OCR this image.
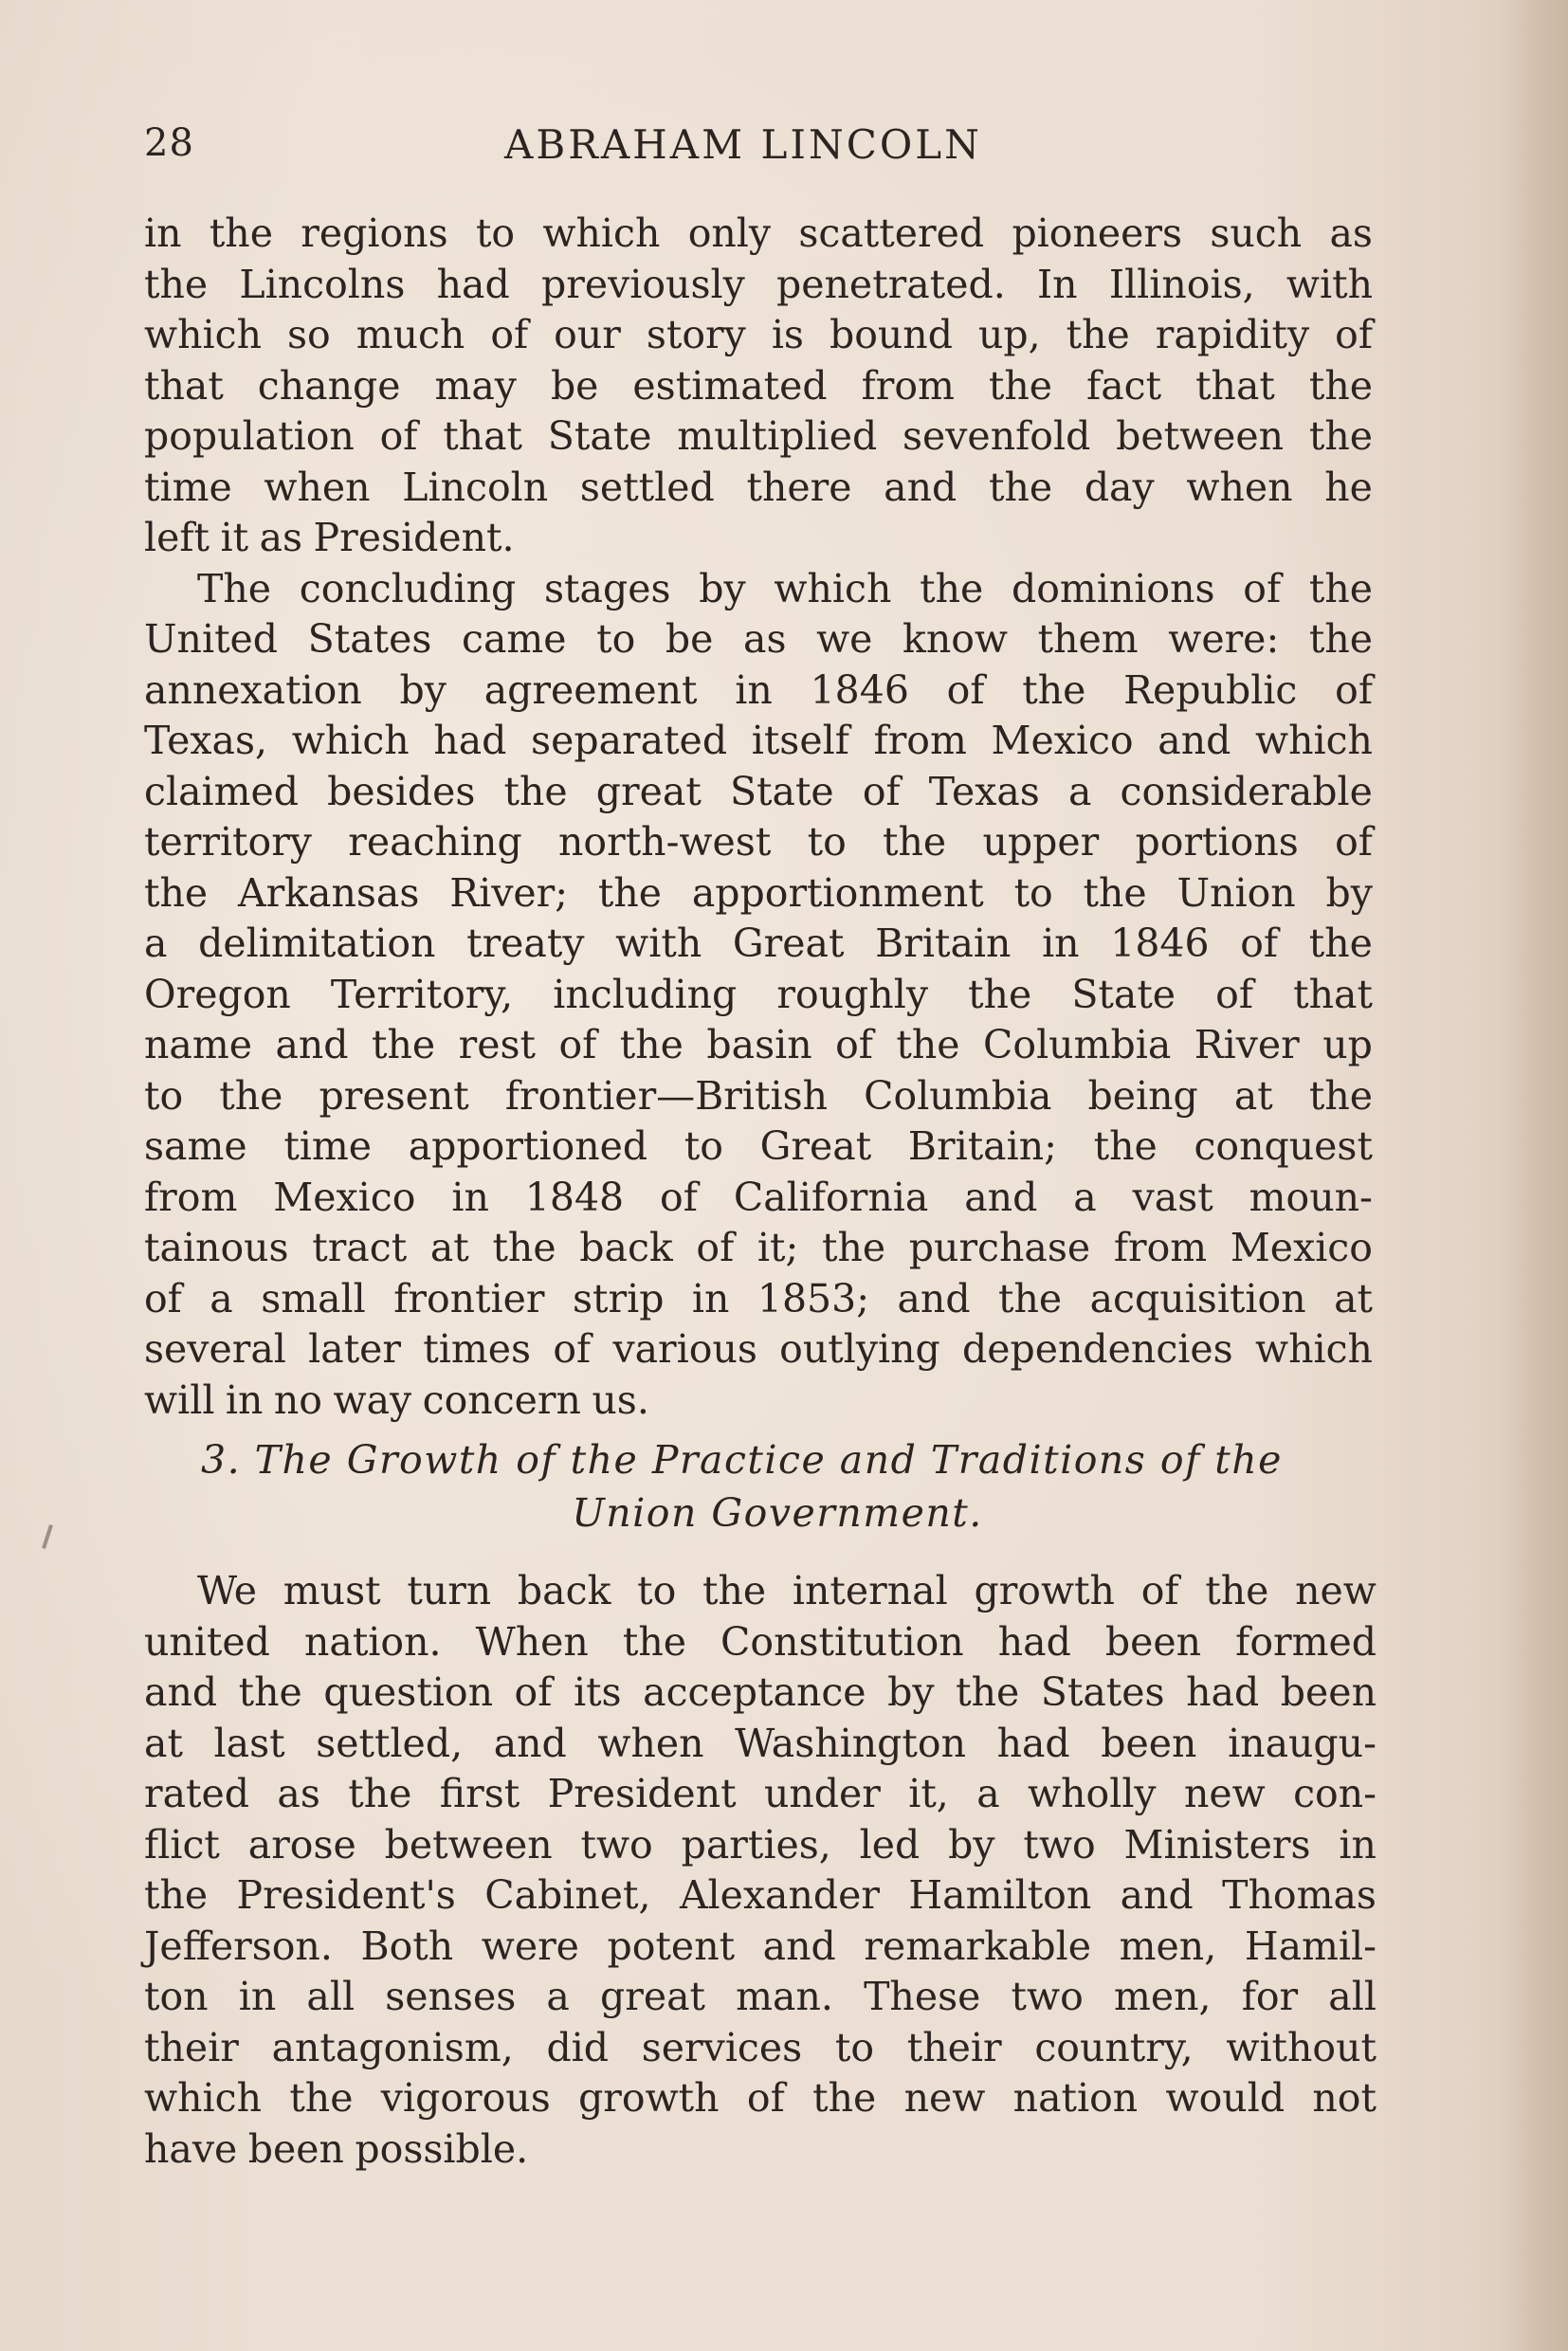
28	ABRAHAM LINCOLN
in the regions to which only scattered pioneers such as
the Lincolns had previously penetrated. In Illinois, with
which so much of our story is bound up, the rapidity of
that change may be estimated from the fact that the
population of that State multiplied sevenfold between the
time when Lincoln settled there and the day when he
left it as President.
The concluding stages by which the dominions of the
United States came to be as we know them were: the
annexation by agreement in 1846 of the Republic of
Texas, which had separated itself from Mexico and which
claimed besides the great State of Texas a considerable
territory reaching north-west to the upper portions of
the Arkansas River; the apportionment to the Union by
a delimitation treaty with Great Britain in 1846 of the
Oregon Territory, including roughly the State of that
name and the rest of the basin of the Columbia River up
to the present frontier—British Columbia being at the
same time apportioned to Great Britain; the conquest
from Mexico in 1848 of California and a vast moun-
tainous tract at the back of it; the purchase from Mexico
of a small frontier strip in 1853; and the acquisition at
several later times of various outlying dependencies which
will in no way concern us.
3. The Growth of the Practice and Traditions of the
Union Government.
We must turn back to the internal growth of the new
united nation. When the Constitution had been formed
and the question of its acceptance by the States had been
at last settled, and when Washington had been inaugu-
rated as the first President under it, a wholly new con-
flict arose between two parties, led by two Ministers in
the President's Cabinet, Alexander Hamilton and Thomas
Jefferson. Both were potent and remarkable men, Hamil-
ton in all senses a great man. These two men, for all
their antagonism, did services to their country, without
which the vigorous growth of the new nation would not
have been possible.
